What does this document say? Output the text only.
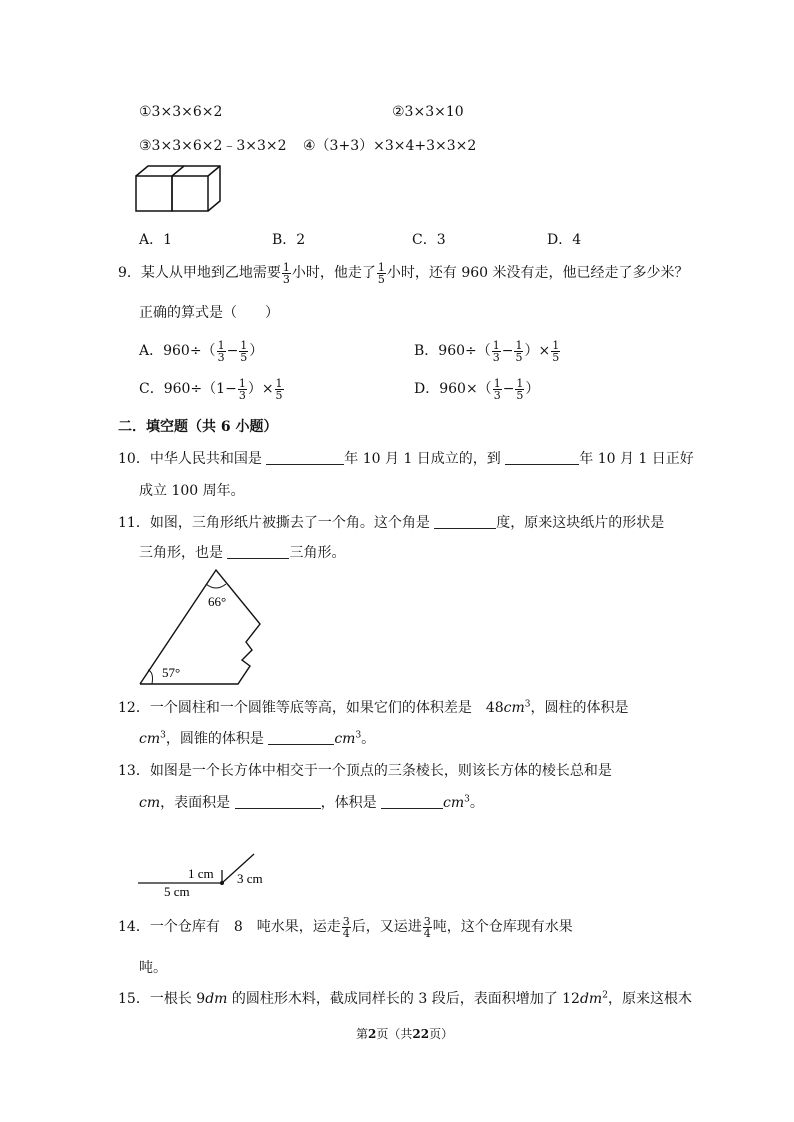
①3×3×6×2	②3×3×10
③3×3×6×2﹣3×3×2 ④（3+3）×3×4+3×3×2
A．1	B．2	C．3	D．4
9．某人从甲地到乙地需要 $\frac{1}{3}$ 小时，他走了 $\frac{1}{5}$ 小时，还有 960 米没有走，他已经走了多少米？
正确的算式是（　　）
A．$960\div( \frac{1}{3} - \frac{1}{5}$ ）	B．$960\div( \frac{1}{3} - \frac{1}{5}$ ）× $\frac{1}{5}$
C．$960\div(1- \frac{1}{3}$ ）× $\frac{1}{5}$	D．$960\times( \frac{1}{3} - \frac{1}{5}$ ）
二．填空题（共 6 小题）
10．中华人民共和国是	年 10 月 1 日成立的，到	年 10 月 1 日正好
成立 100 周年。
11．如图，三角形纸片被撕去了一个角。这个角是	度，原来这块纸片的形状是
三角形，也是	三角形。
66°
57°
12．一个圆柱和一个圆锥等底等高，如果它们的体积差是　$48cm^3$，圆柱的体积是
$cm^3$，圆锥的体积是	$cm^3$。
13．如图是一个长方体中相交于一个顶点的三条棱长，则该长方体的棱长总和是
cm，表面积是	，体积是	$cm^3$。
1 cm 3 cm
5 cm
14．一个仓库有　8　吨水果，运走 $\frac{3}{4}$ 后，又运进 $\frac{3}{4}$ 吨，这个仓库现有水果
吨。
15．一根长 9dm 的圆柱形木料，截成同样长的 3 段后，表面积增加了 $12dm^2$，原来这根木
第2页（共22页）
